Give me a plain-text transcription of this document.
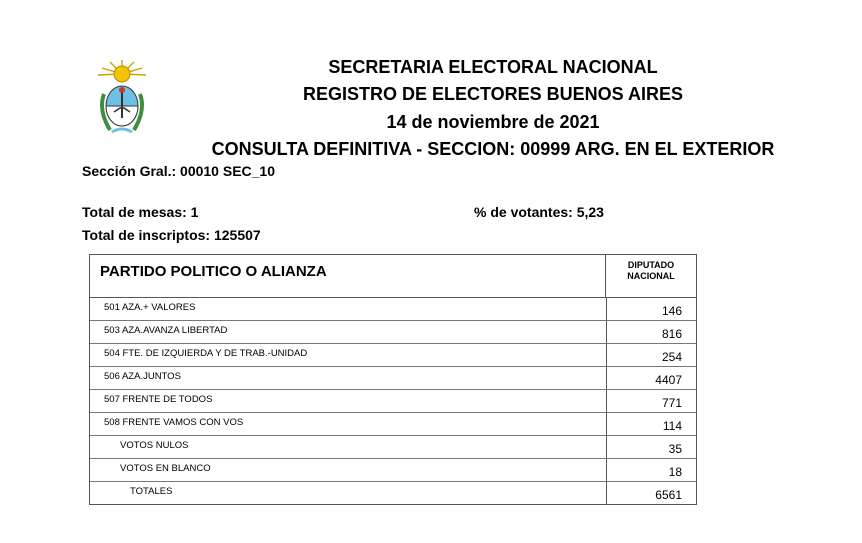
SECRETARIA ELECTORAL NACIONAL
REGISTRO DE ELECTORES BUENOS AIRES
14 de noviembre de 2021
CONSULTA DEFINITIVA - SECCION: 00999 ARG. EN EL EXTERIOR
Sección Gral.: 00010 SEC_10
Total de mesas: 1
Total de inscriptos: 125507
% de votantes: 5,23
PARTIDO POLITICO O ALIANZA	DIPUTADO
NACIONAL
501 AZA.+ VALORES	146
503 AZA.AVANZA LIBERTAD	816
504 FTE. DE IZQUIERDA Y DE TRAB.-UNIDAD	254
506 AZA.JUNTOS	4407
507 FRENTE DE TODOS	771
508 FRENTE VAMOS CON VOS	114
VOTOS NULOS	35
VOTOS EN BLANCO	18
TOTALES	6561
